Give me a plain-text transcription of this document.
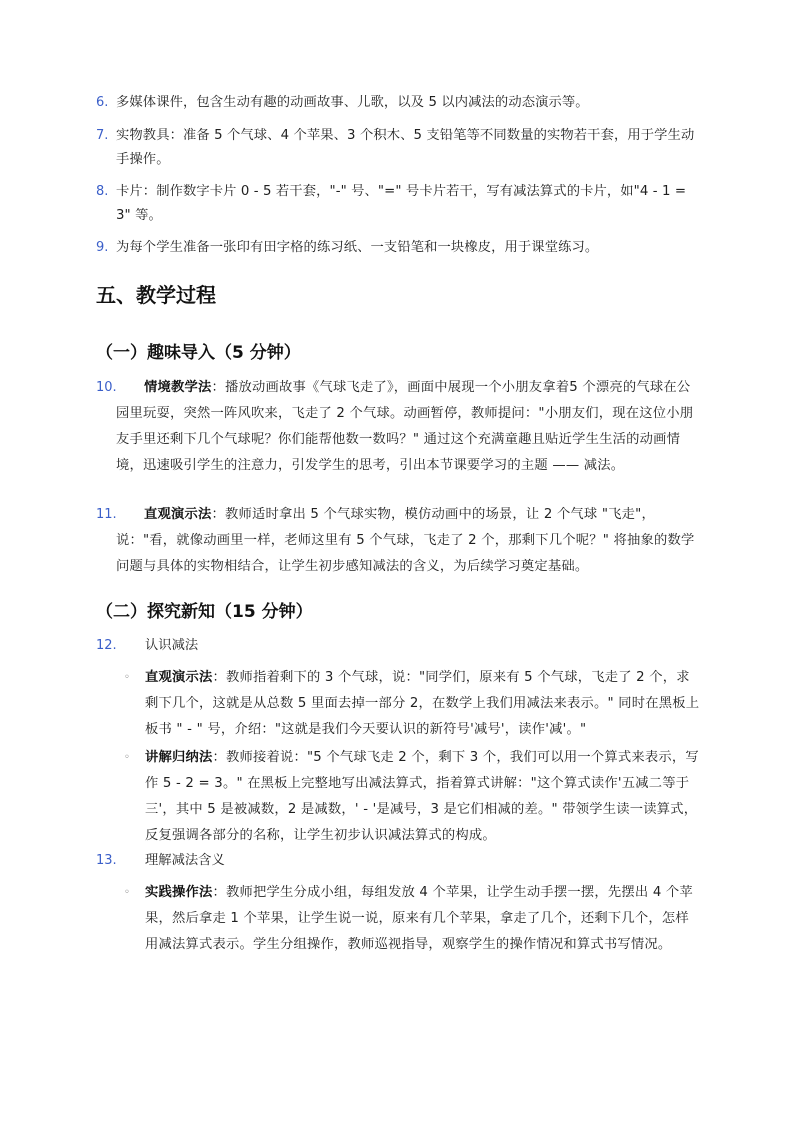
6. 多媒体课件，包含生动有趣的动画故事、儿歌，以及 5 以内减法的动态演示等。
7. 实物教具：准备 5 个气球、4 个苹果、3 个积木、5 支铅笔等不同数量的实物若干套，用于学生动手操作。
8. 卡片：制作数字卡片 0 - 5 若干套，"-" 号、"=" 号卡片若干，写有减法算式的卡片，如"4 - 1 = 3" 等。
9. 为每个学生准备一张印有田字格的练习纸、一支铅笔和一块橡皮，用于课堂练习。
五、教学过程
（一）趣味导入（5 分钟）
10.	情境教学法：播放动画故事《气球飞走了》，画面中展现一个小朋友拿着5 个漂亮的气球在公园里玩耍，突然一阵风吹来，飞走了 2 个气球。动画暂停，教师提问："小朋友们，现在这位小朋友手里还剩下几个气球呢？你们能帮他数一数吗？" 通过这个充满童趣且贴近学生生活的动画情境，迅速吸引学生的注意力，引发学生的思考，引出本节课要学习的主题 —— 减法。
11.	直观演示法：教师适时拿出 5 个气球实物，模仿动画中的场景，让 2 个气球 "飞走"，说："看，就像动画里一样，老师这里有 5 个气球，飞走了 2 个，那剩下几个呢？" 将抽象的数学问题与具体的实物相结合，让学生初步感知减法的含义，为后续学习奠定基础。
（二）探究新知（15 分钟）
12. 认识减法
◦ 直观演示法：教师指着剩下的 3 个气球，说："同学们，原来有 5 个气球，飞走了 2 个，求剩下几个，这就是从总数 5 里面去掉一部分 2，在数学上我们用减法来表示。" 同时在黑板上板书 " - " 号，介绍："这就是我们今天要认识的新符号'减号'，读作'减'。"
◦ 讲解归纳法：教师接着说："5 个气球飞走 2 个，剩下 3 个，我们可以用一个算式来表示，写作 5 - 2 = 3。" 在黑板上完整地写出减法算式，指着算式讲解："这个算式读作'五减二等于三'，其中 5 是被减数，2 是减数，' - '是减号，3 是它们相减的差。" 带领学生读一读算式，反复强调各部分的名称，让学生初步认识减法算式的构成。
13. 理解减法含义
◦ 实践操作法：教师把学生分成小组，每组发放 4 个苹果，让学生动手摆一摆，先摆出 4 个苹果，然后拿走 1 个苹果，让学生说一说，原来有几个苹果，拿走了几个，还剩下几个，怎样用减法算式表示。学生分组操作，教师巡视指导，观察学生的操作情况和算式书写情况。
